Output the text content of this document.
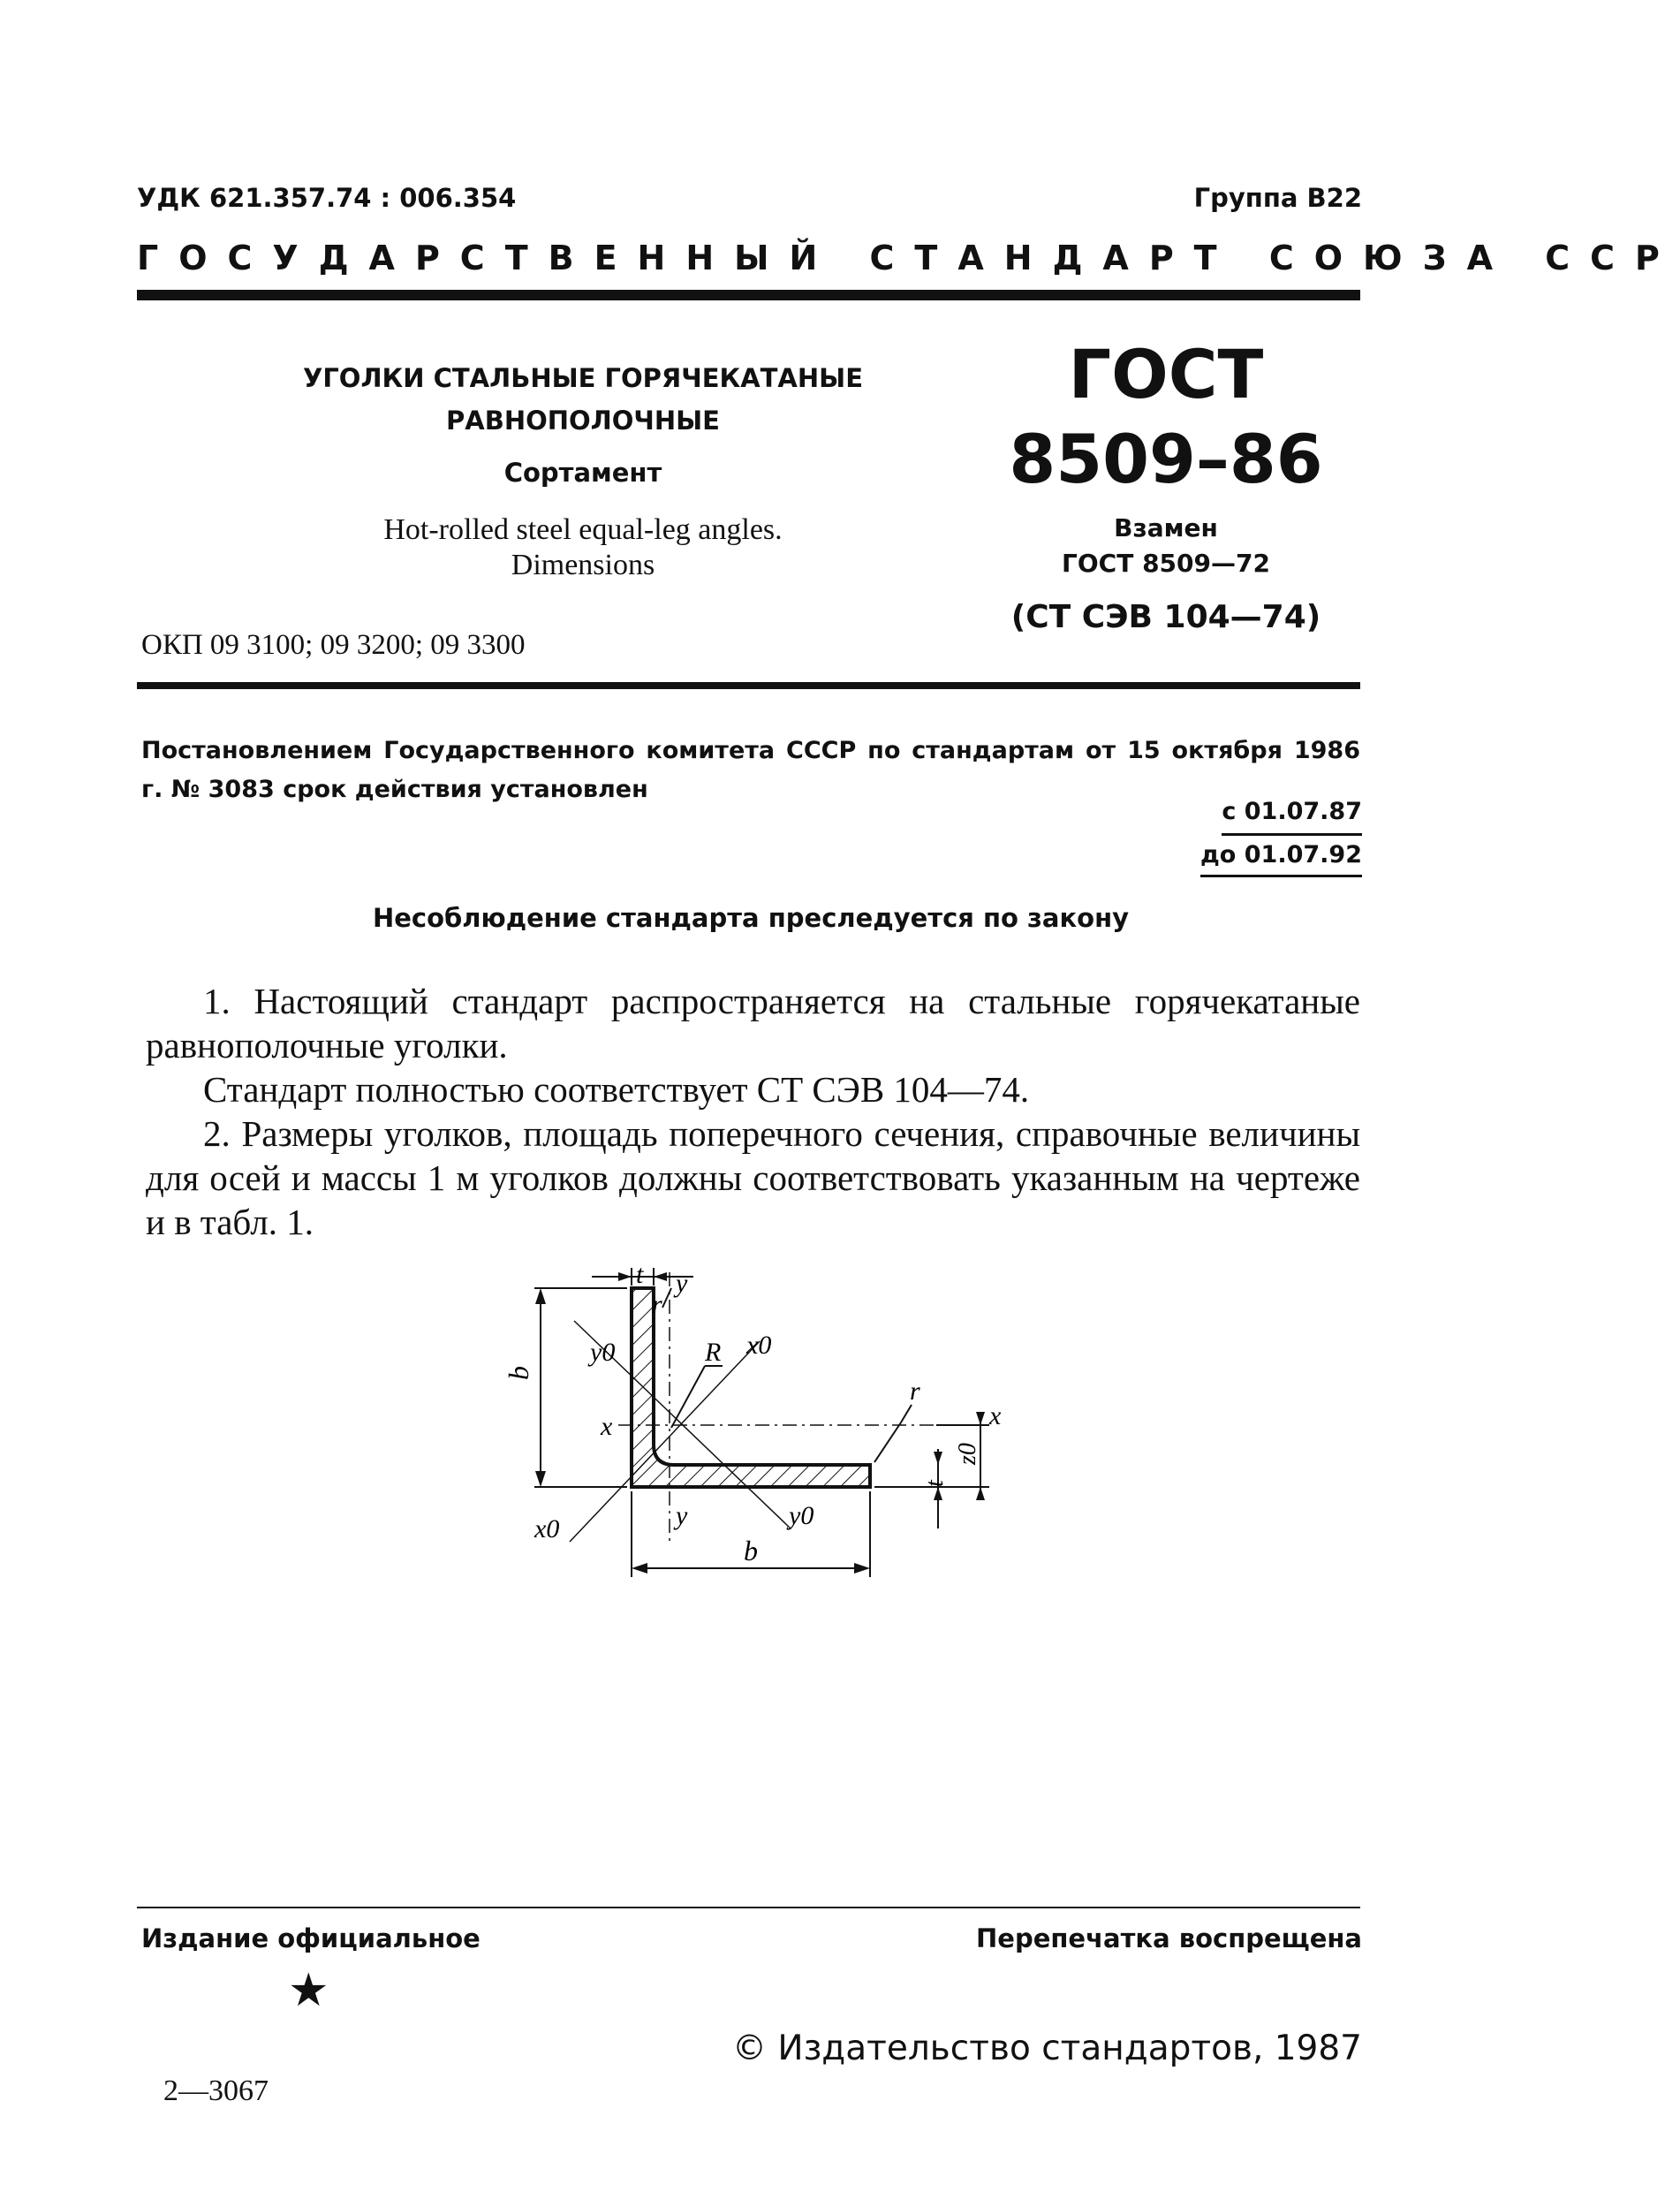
УДК 621.357.74 : 006.354	Группа В22
ГОСУДАРСТВЕННЫЙ СТАНДАРТ СОЮЗА ССР
УГОЛКИ СТАЛЬНЫЕ ГОРЯЧЕКАТАНЫЕ
РАВНОПОЛОЧНЫЕ
Сортамент
Hot-rolled steel equal-leg angles.
Dimensions
ОКП 09 3100; 09 3200; 09 3300
ГОСТ
8509–86
Взамен
ГОСТ 8509—72
(СТ СЭВ 104—74)
Постановлением Государственного комитета СССР по стандартам от 15 октября 1986 г. № 3083 срок действия установлен
с 01.07.87
до 01.07.92
Несоблюдение стандарта преследуется по закону

1. Настоящий стандарт распространяется на стальные горячекатаные равнополочные уголки.

Стандарт полностью соответствует СТ СЭВ 104—74.

2. Размеры уголков, площадь поперечного сечения, справочные величины для осей и массы 1 м уголков должны соответствовать указанным на чертеже и в табл. 1.

t y
r
y0	R x0
b
x
r
x
t
z0
x0	y	y0
b
Издание официальное	Перепечатка воспрещена
★
© Издательство стандартов, 1987
2—3067
